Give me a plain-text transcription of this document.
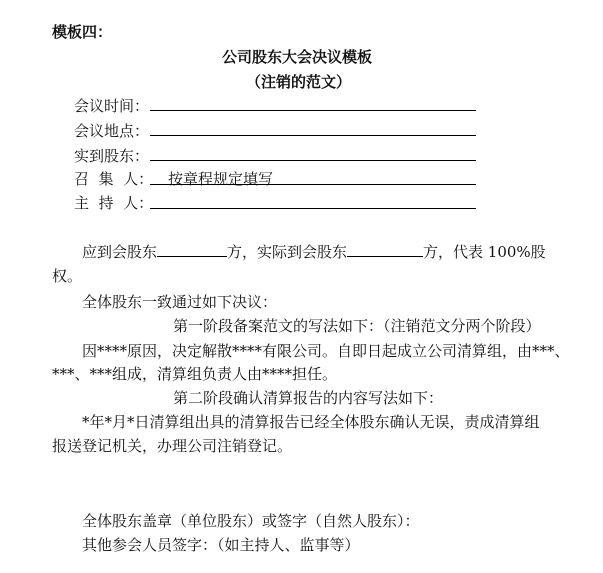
模板四：
公司股东大会决议模板
（注销的范文）
会议时间：
会议地点：
实到股东：
召  集  人： 按章程规定填写
主  持  人：
应到会股东	方，实际到会股东	方，代表 100%股
权。
全体股东一致通过如下决议：
第一阶段备案范文的写法如下：（注销范文分两个阶段）
因****原因，决定解散****有限公司。自即日起成立公司清算组，由***、
***、***组成，清算组负责人由****担任。
第二阶段确认清算报告的内容写法如下：
*年*月*日清算组出具的清算报告已经全体股东确认无误，责成清算组
报送登记机关，办理公司注销登记。
全体股东盖章（单位股东）或签字（自然人股东）：
其他参会人员签字：（如主持人、监事等）
